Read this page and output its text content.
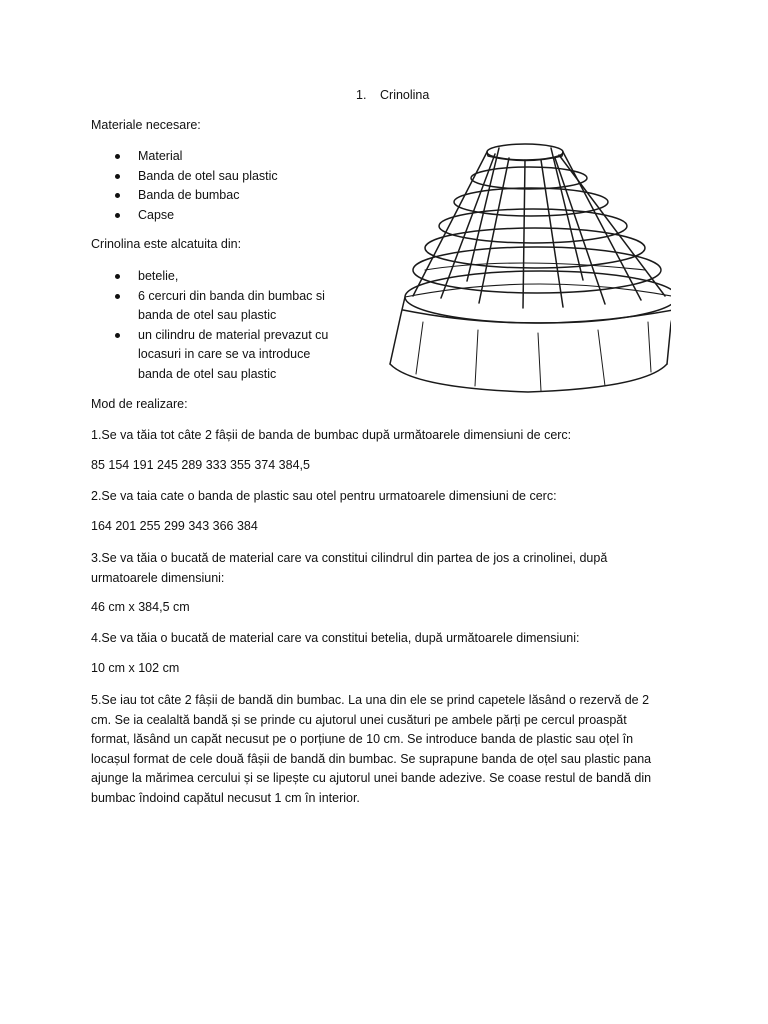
1. Crinolina

Materiale necesare:

Material
Banda de otel sau plastic
Banda de bumbac
Capse

Crinolina este alcatuita din:

betelie,
6 cercuri din banda din bumbac si
banda de otel sau plastic
un cilindru de material prevazut cu
locasuri in care se va introduce
banda de otel sau plastic

Mod de realizare:

1.Se va tăia tot câte 2 fâșii de banda de bumbac după următoarele dimensiuni de cerc:

85 154 191 245 289 333 355 374 384,5

2.Se va taia cate o banda de plastic sau otel pentru urmatoarele dimensiuni de cerc:

164 201 255 299 343 366 384

3.Se va tăia o bucată de material care va constitui cilindrul din partea de jos a crinolinei, după
urmatoarele dimensiuni:

46 cm x 384,5 cm

4.Se va tăia o bucată de material care va constitui betelia, după următoarele dimensiuni:

10 cm x 102 cm

5.Se iau tot câte 2 fâșii de bandă din bumbac. La una din ele se prind capetele lăsând o rezervă de 2
cm. Se ia cealaltă bandă și se prinde cu ajutorul unei cusături pe ambele părți pe cercul proaspăt
format, lăsând un capăt necusut pe o porțiune de 10 cm. Se introduce banda de plastic sau oțel în
locașul format de cele două fâșii de bandă din bumbac. Se suprapune banda de oțel sau plastic pana
ajunge la mărimea cercului și se lipește cu ajutorul unei bande adezive. Se coase restul de bandă din
bumbac îndoind capătul necusut 1 cm în interior.
